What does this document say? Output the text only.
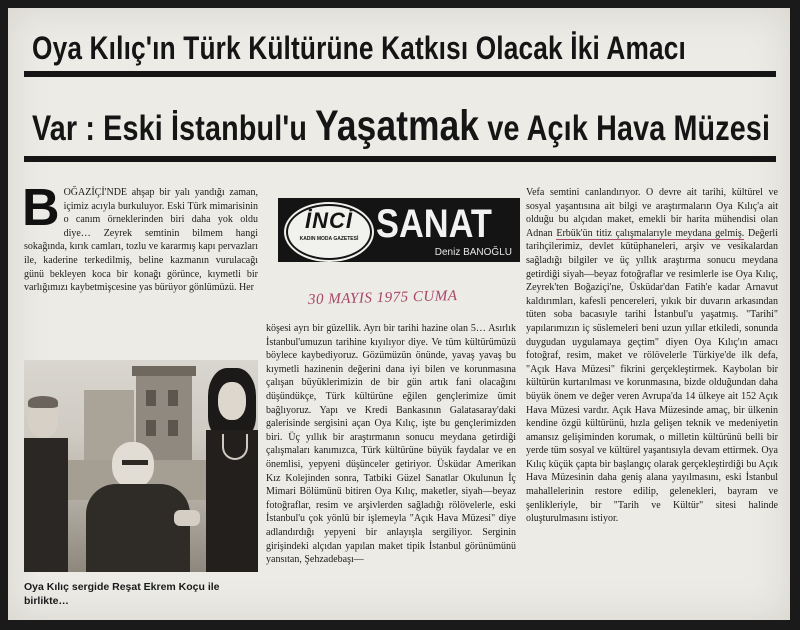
Oya Kılıç'ın Türk Kültürüne Katkısı Olacak İki Amacı
Var : Eski İstanbul'u Yaşatmak ve Açık Hava Müzesi

BOĞAZİÇİ'NDE ahşap bir yalı yandığı zaman, içimiz acıyla burkuluyor. Eski Türk mimarisinin o canım örneklerinden biri daha yok oldu diye… Zeyrek semtinin bilmem hangi sokağında, kırık camları, tozlu ve kararmış kapı pervazları ile, kaderine terkedilmiş, beline kazmanın vurulacağı günü bekleyen koca bir konağı görünce, kıymetli bir varlığımızı kaybetmişcesine yas bürüyor gönlümüzü. Her

İNCİ
KADIN MODA GAZETESİ SANAT
Deniz BANOĞLU
30 MAYIS 1975 CUMA

köşesi ayrı bir güzellik. Ayrı bir tarihi hazine olan 5… Asırlık İstanbul'umuzun tarihine kıyılıyor diye. Ve tüm kültürümüzü böylece kaybediyoruz. Gözümüzün önünde, yavaş yavaş bu kıymetli hazinenin değerini dana iyi bilen ve korunmasına çalışan büyüklerimizin de bir gün artık fani olacağını düşündükçe, Türk kültürüne eğilen gençlerimize ümit bağlıyoruz. Yapı ve Kredi Bankasının Galatasaray'daki galerisinde sergisini açan Oya Kılıç, işte bu gençlerimizden biri. Üç yıllık bir araştırmanın sonucu meydana getirdiği çalışmaları kanımızca, Türk kültürüne büyük faydalar ve en önemlisi, yepyeni düşünceler getiriyor. Üsküdar Amerikan Kız Kolejinden sonra, Tatbiki Güzel Sanatlar Okulunun İç Mimari Bölümünü bitiren Oya Kılıç, maketler, siyah—beyaz fotoğraflar, resim ve arşivlerden sağladığı rölövelerle, eski İstanbul'u çok yönlü bir işlemeyla "Açık Hava Müzesi" diye adlandırdığı yepyeni bir anlayışla sergiliyor. Serginin girişindeki alçıdan yapılan maket tipik İstanbul görünümünü yansıtan, Şehzadebaşı—

Vefa semtini canlandırıyor. O devre ait tarihi, kültürel ve sosyal yaşantısına ait bilgi ve araştırmaların Oya Kılıç'a ait olduğu bu alçıdan maket, emekli bir harita mühendisi olan Adnan Erbük'ün titiz çalışmalarıyle meydana gelmiş. Değerli tarihçilerimiz, devlet kütüphaneleri, arşiv ve vesikalardan sağladığı bilgiler ve üç yıllık araştırma sonucu meydana getirdiği siyah—beyaz fotoğraflar ve resimlerle ise Oya Kılıç, Zeyrek'ten Boğaziçi'ne, Üsküdar'dan Fatih'e kadar Arnavut kaldırımları, kafesli pencereleri, yıkık bir duvarın arkasından tüten soba bacasıyle tarihi İstanbul'u yaşatmış. "Tarihi" yapılarımızın iç süslemeleri beni uzun yıllar etkiledi, sonunda duygudan uygulamaya geçtim" diyen Oya Kılıç'ın amacı fotoğraf, resim, maket ve rölövelerle Türkiye'de ilk defa, "Açık Hava Müzesi" fikrini gerçekleştirmek. Kaybolan bir kültürün kurtarılması ve korunmasına, bizde olduğundan daha büyük önem ve değer veren Avrupa'da 14 ülkeye ait 152 Açık Hava Müzesi vardır. Açık Hava Müzesinde amaç, bir ülkenin kendine özgü kültürünü, hızla gelişen teknik ve medeniyetin amansız gelişiminden korumak, o milletin kültürünü belli bir yerde tüm sosyal ve kültürel yaşantısıyla devam ettirmek. Oya Kılıç küçük çapta bir başlangıç olarak gerçekleştirdiği bu Açık Hava Müzesinin daha geniş alana yayılmasını, eski İstanbul mahallelerinin restore edilip, gelenekleri, bayram ve şenlikleriyle, bir "Tarih ve Kültür" sitesi halinde oluşturulmasını istiyor.

Oya Kılıç sergide Reşat Ekrem Koçu ile birlikte…
